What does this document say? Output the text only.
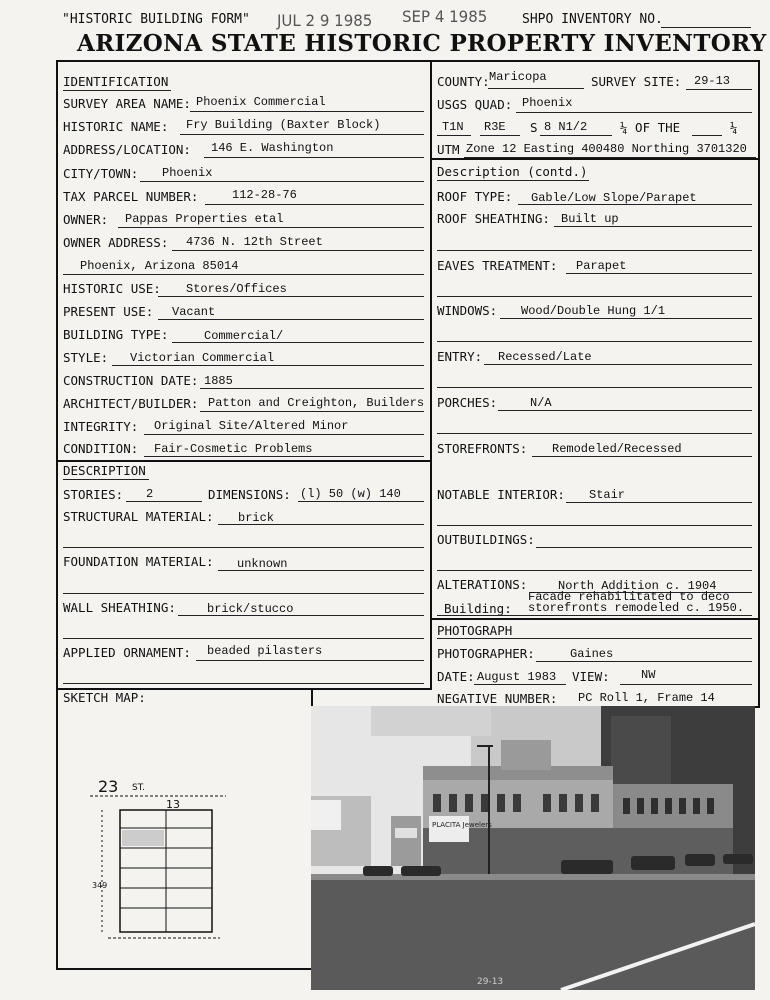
"HISTORIC BUILDING FORM" JUL 2 9 1985 SEP 4 1985	SHPO INVENTORY NO.
ARIZONA STATE HISTORIC PROPERTY INVENTORY
IDENTIFICATION
SURVEY AREA NAME: Phoenix Commercial
HISTORIC NAME: Fry Building (Baxter Block)
ADDRESS/LOCATION: 146 E. Washington
CITY/TOWN: Phoenix
TAX PARCEL NUMBER:	112-28-76
OWNER: Pappas Properties etal
OWNER ADDRESS: 4736 N. 12th Street
Phoenix, Arizona 85014
HISTORIC USE: Stores/Offices
PRESENT USE: Vacant
BUILDING TYPE:	Commercial/
STYLE: Victorian Commercial
CONSTRUCTION DATE: 1885
ARCHITECT/BUILDER: Patton and Creighton, Builders
INTEGRITY: Original Site/Altered Minor
CONDITION: Fair-Cosmetic Problems
COUNTY: Maricopa	SURVEY SITE: 29-13
USGS QUAD: Phoenix
T1N R3E S 8 N1/2	¼ OF THE	¼
UTM Zone 12 Easting 400480 Northing 3701320
Description (contd.)
ROOF TYPE: Gable/Low Slope/Parapet
ROOF SHEATHING: Built up
EAVES TREATMENT: Parapet
WINDOWS: Wood/Double Hung 1/1
ENTRY: Recessed/Late
PORCHES:	N/A
STOREFRONTS: Remodeled/Recessed
NOTABLE INTERIOR: Stair
OUTBUILDINGS:
ALTERATIONS:	North Addition c. 1904
Facade rehabilitated to deco
Building: storefronts remodeled c. 1950.
DESCRIPTION
STORIES: 2	DIMENSIONS: (l) 50 (w) 140
STRUCTURAL MATERIAL: brick
FOUNDATION MATERIAL: unknown
WALL SHEATHING:	brick/stucco
APPLIED ORNAMENT: beaded pilasters
PHOTOGRAPH
PHOTOGRAPHER:	Gaines
DATE: August 1983 VIEW:	NW
NEGATIVE NUMBER: PC Roll 1, Frame 14
PLACITA Jewelers
29-13
SKETCH MAP:
23 ST.
13
349
